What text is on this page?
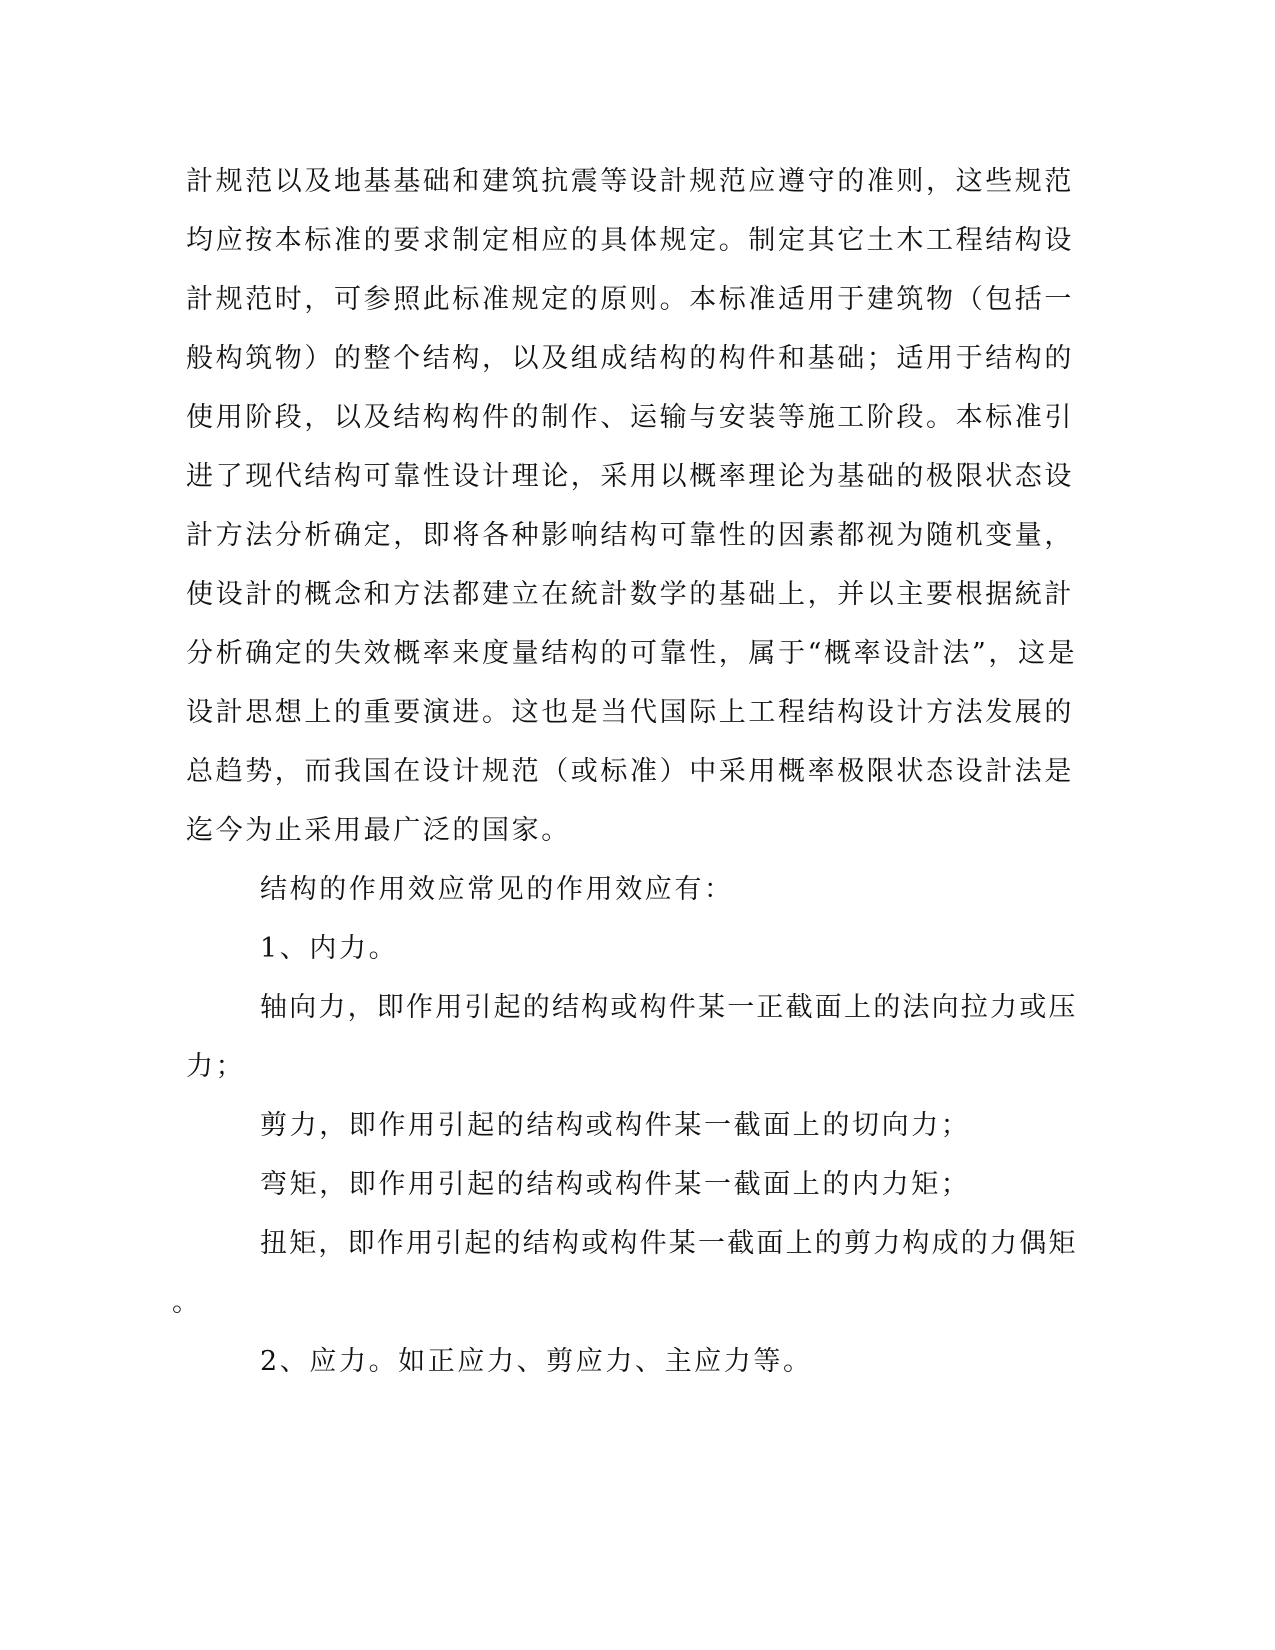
計规范以及地基基础和建筑抗震等设計规范应遵守的准则，这些规范
均应按本标准的要求制定相应的具体规定。制定其它土木工程结构设
計规范时，可参照此标准规定的原则。本标准适用于建筑物（包括一
般构筑物）的整个结构，以及组成结构的构件和基础；适用于结构的
使用阶段，以及结构构件的制作、运输与安装等施工阶段。本标准引
进了现代结构可靠性设计理论，采用以概率理论为基础的极限状态设
計方法分析确定，即将各种影响结构可靠性的因素都视为随机变量，
使设計的概念和方法都建立在統計数学的基础上，并以主要根据統計
分析确定的失效概率来度量结构的可靠性，属于“概率设計法”，这是
设計思想上的重要演进。这也是当代国际上工程结构设计方法发展的
总趋势，而我国在设计规范（或标准）中采用概率极限状态设計法是
迄今为止采用最广泛的国家。
结构的作用效应常见的作用效应有：
1、内力。
轴向力，即作用引起的结构或构件某一正截面上的法向拉力或压
力；
剪力，即作用引起的结构或构件某一截面上的切向力；
弯矩，即作用引起的结构或构件某一截面上的内力矩；
扭矩，即作用引起的结构或构件某一截面上的剪力构成的力偶矩
。
2、应力。如正应力、剪应力、主应力等。
